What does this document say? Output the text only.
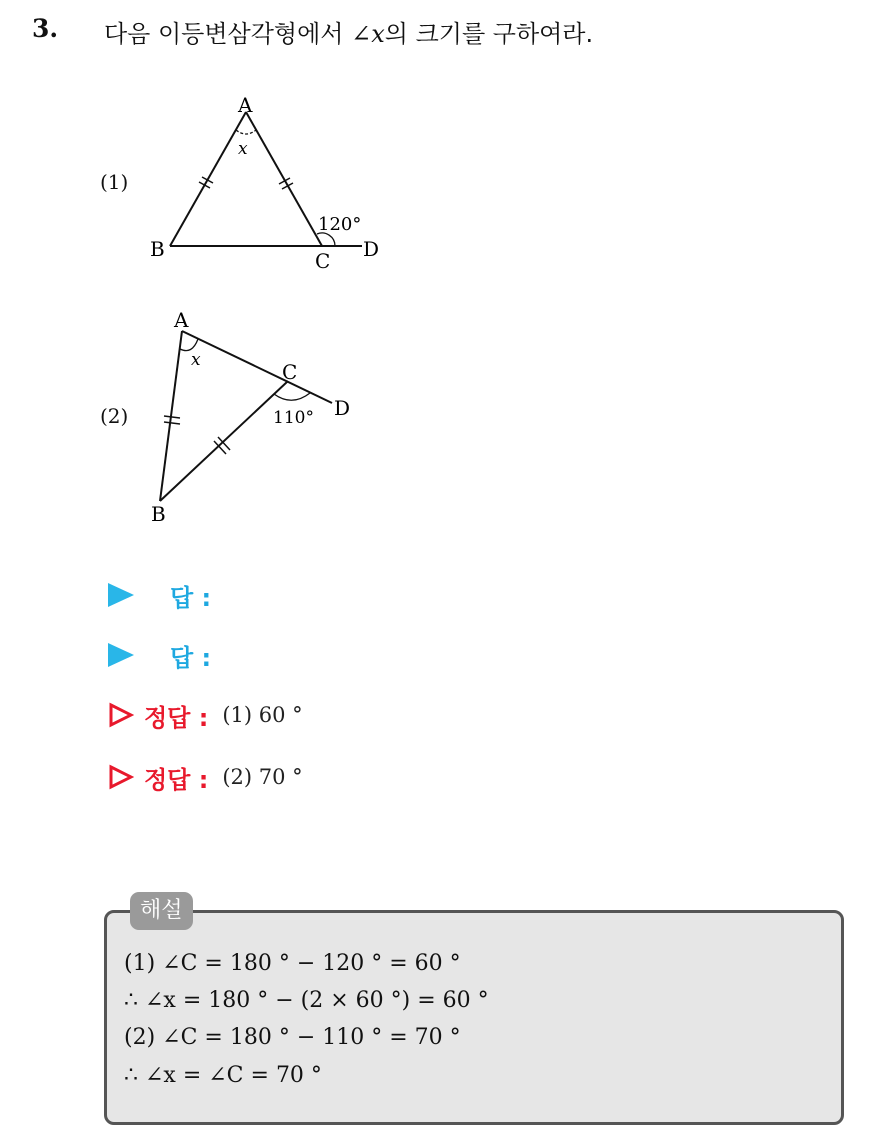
3. 다음 이등변삼각형에서 ∠x의 크기를 구하여라.
(1)
A
B	C D
x
120°
(2)
A
B
C
D
x
110°
답 :
답 :
정답 : (1) 60 °
정답 : (2) 70 °
해설
(1) ∠C = 180 ° − 120 ° = 60 °
∴ ∠x = 180 ° − (2 × 60 °) = 60 °
(2) ∠C = 180 ° − 110 ° = 70 °
∴ ∠x = ∠C = 70 °
